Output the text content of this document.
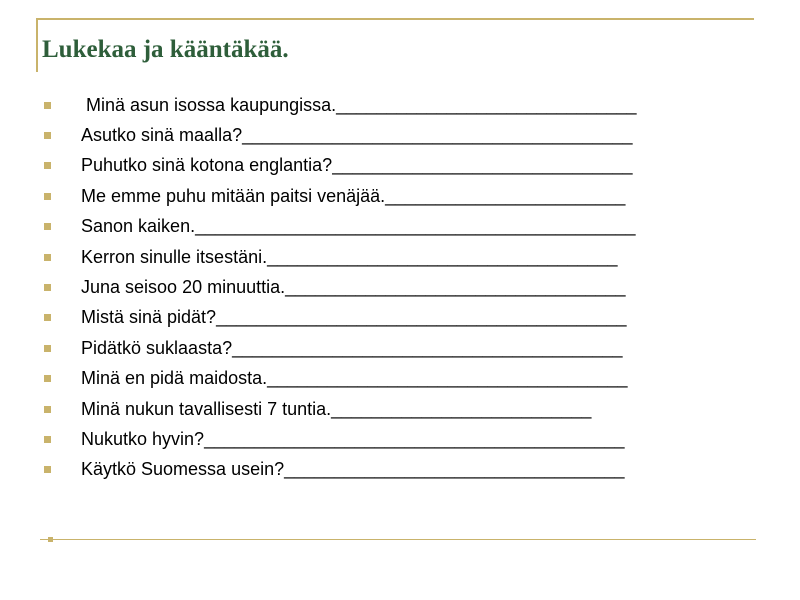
Lukekaa ja kääntäkää.
Minä asun isossa kaupungissa.______________________________
Asutko sinä maalla?_______________________________________
Puhutko sinä kotona englantia?______________________________
Me emme puhu mitään paitsi venäjää.________________________
Sanon kaiken.____________________________________________
Kerron sinulle itsestäni.___________________________________
Juna seisoo 20 minuuttia.__________________________________
Mistä sinä pidät?_________________________________________
Pidätkö suklaasta?_______________________________________
Minä en pidä maidosta.____________________________________
Minä nukun tavallisesti 7 tuntia.__________________________
Nukutko hyvin?__________________________________________
Käytkö Suomessa usein?__________________________________
